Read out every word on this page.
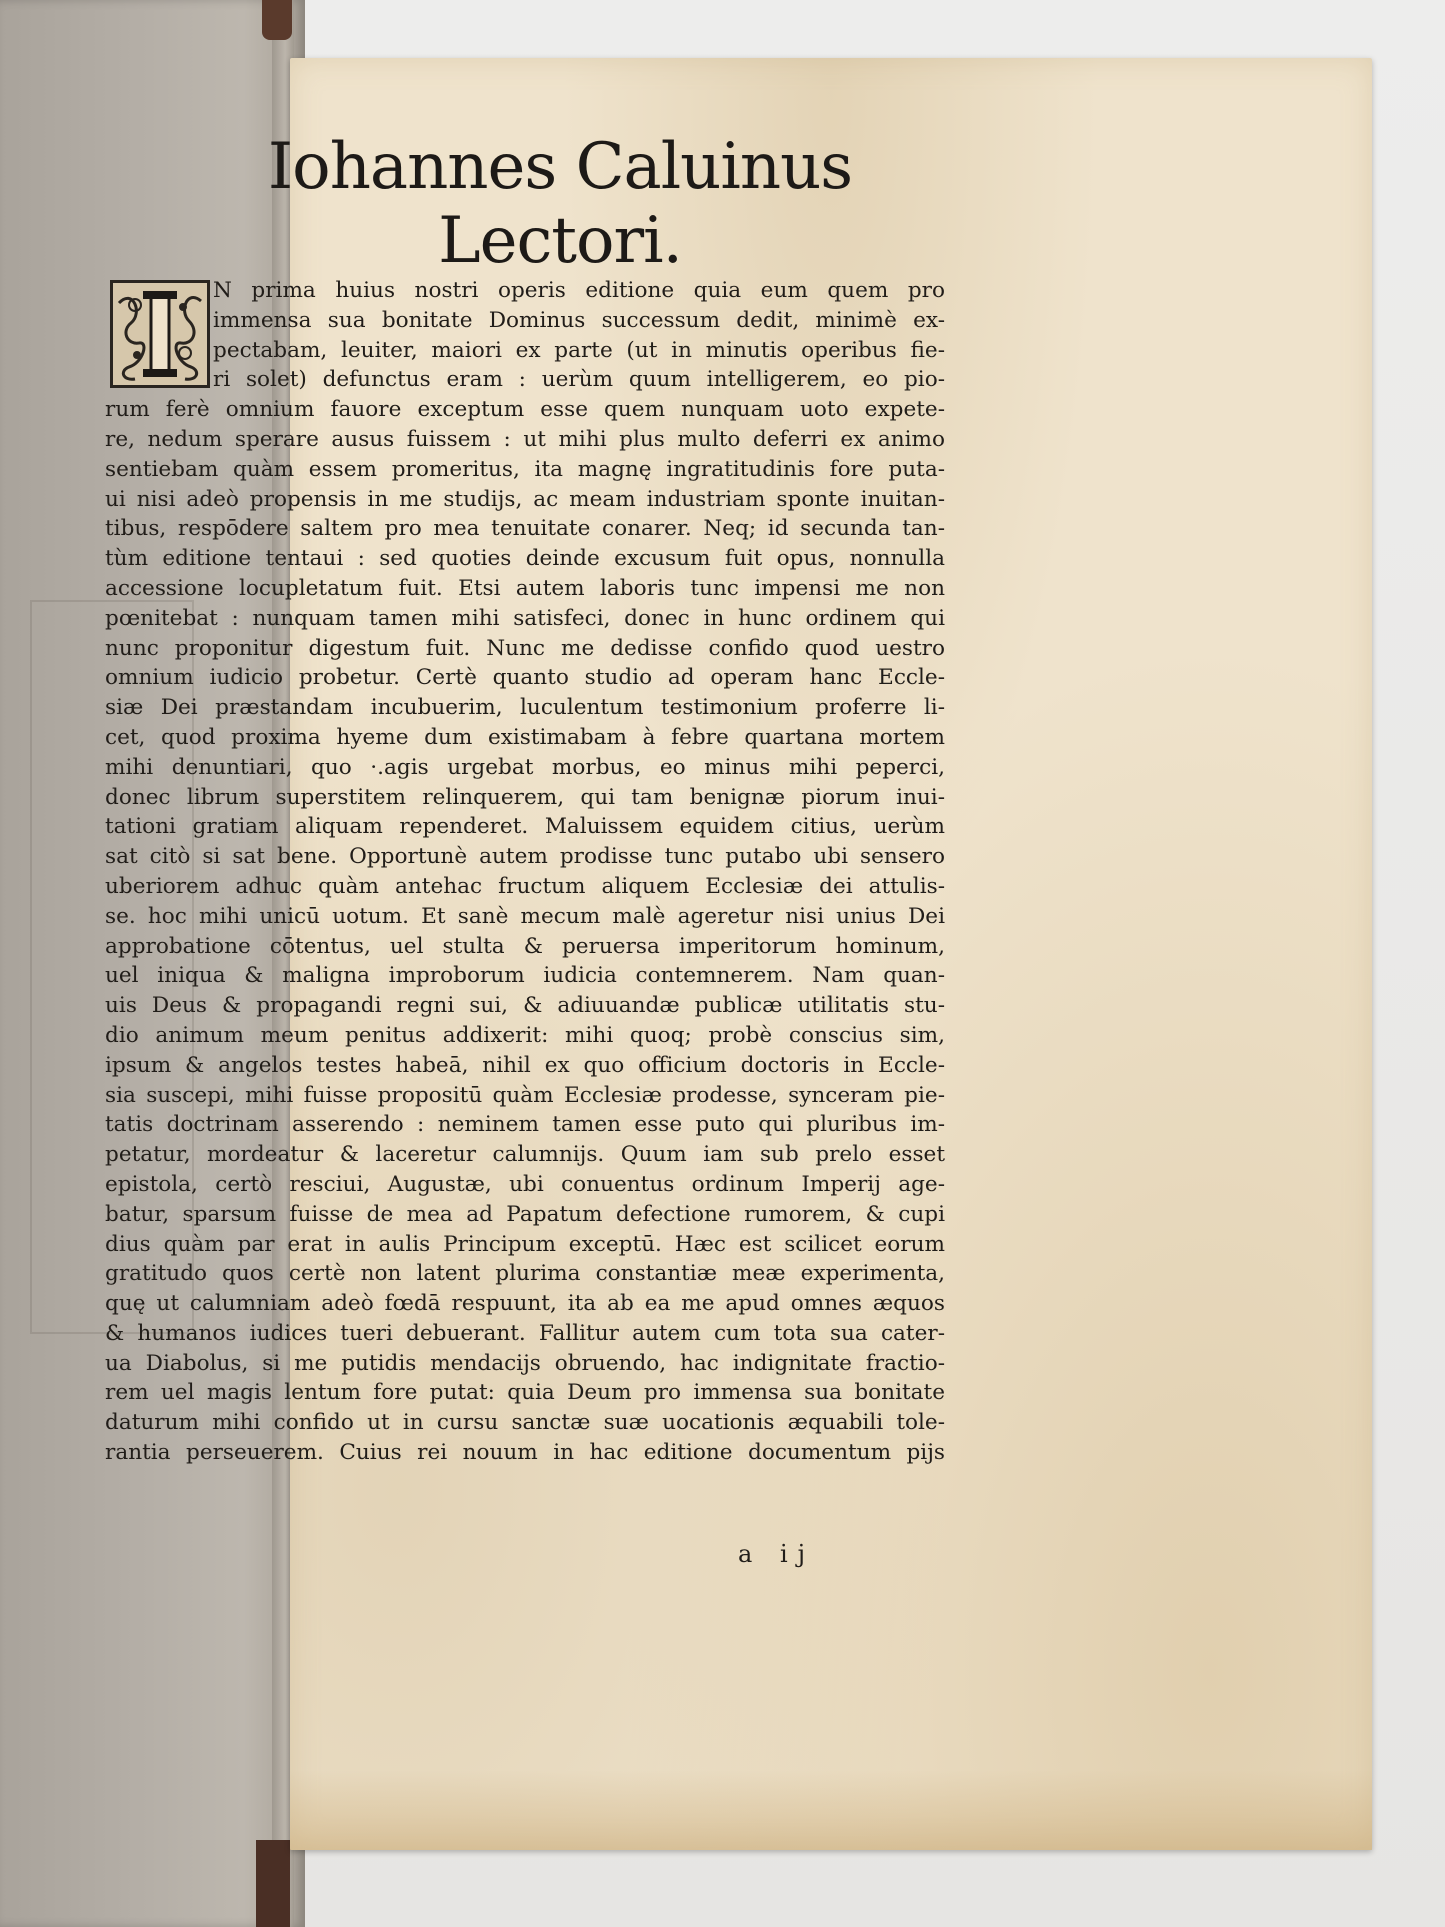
Iohannes Caluinus Lectori.
N prima huius nostri operis editione quia eum quem pro
immensa sua bonitate Dominus successum dedit, minimè ex-
pectabam, leuiter, maiori ex parte (ut in minutis operibus fie-
ri solet) defunctus eram : uerùm quum intelligerem, eo pio-
rum ferè omnium fauore exceptum esse quem nunquam uoto expete-
re, nedum sperare ausus fuissem : ut mihi plus multo deferri ex animo
sentiebam quàm essem promeritus, ita magnę ingratitudinis fore puta-
ui nisi adeò propensis in me studijs, ac meam industriam sponte inuitan-
tibus, respōdere saltem pro mea tenuitate conarer. Neq; id secunda tan-
tùm editione tentaui : sed quoties deinde excusum fuit opus, nonnulla
accessione locupletatum fuit. Etsi autem laboris tunc impensi me non
pœnitebat : nunquam tamen mihi satisfeci, donec in hunc ordinem qui
nunc proponitur digestum fuit. Nunc me dedisse confido quod uestro
omnium iudicio probetur. Certè quanto studio ad operam hanc Eccle-
siæ Dei præstandam incubuerim, luculentum testimonium proferre li-
cet, quod proxima hyeme dum existimabam à febre quartana mortem
mihi denuntiari, quo ·.agis urgebat morbus, eo minus mihi peperci,
donec librum superstitem relinquerem, qui tam benignæ piorum inui-
tationi gratiam aliquam rependeret. Maluissem equidem citius, uerùm
sat citò si sat bene. Opportunè autem prodisse tunc putabo ubi sensero
uberiorem adhuc quàm antehac fructum aliquem Ecclesiæ dei attulis-
se. hoc mihi unicū uotum. Et sanè mecum malè ageretur nisi unius Dei
approbatione cōtentus, uel stulta & peruersa imperitorum hominum,
uel iniqua & maligna improborum iudicia contemnerem. Nam quan-
uis Deus & propagandi regni sui, & adiuuandæ publicæ utilitatis stu-
dio animum meum penitus addixerit: mihi quoq; probè conscius sim,
ipsum & angelos testes habeā, nihil ex quo officium doctoris in Eccle-
sia suscepi, mihi fuisse propositū quàm Ecclesiæ prodesse, synceram pie-
tatis doctrinam asserendo : neminem tamen esse puto qui pluribus im-
petatur, mordeatur & laceretur calumnijs. Quum iam sub prelo esset
epistola, certò resciui, Augustæ, ubi conuentus ordinum Imperij age-
batur, sparsum fuisse de mea ad Papatum defectione rumorem, & cupi
dius quàm par erat in aulis Principum exceptū. Hæc est scilicet eorum
gratitudo quos certè non latent plurima constantiæ meæ experimenta,
quę ut calumniam adeò fœdā respuunt, ita ab ea me apud omnes æquos
& humanos iudices tueri debuerant. Fallitur autem cum tota sua cater-
ua Diabolus, si me putidis mendacijs obruendo, hac indignitate fractio-
rem uel magis lentum fore putat: quia Deum pro immensa sua bonitate
daturum mihi confido ut in cursu sanctæ suæ uocationis æquabili tole-
rantia perseuerem. Cuius rei nouum in hac editione documentum pijs
a ij
